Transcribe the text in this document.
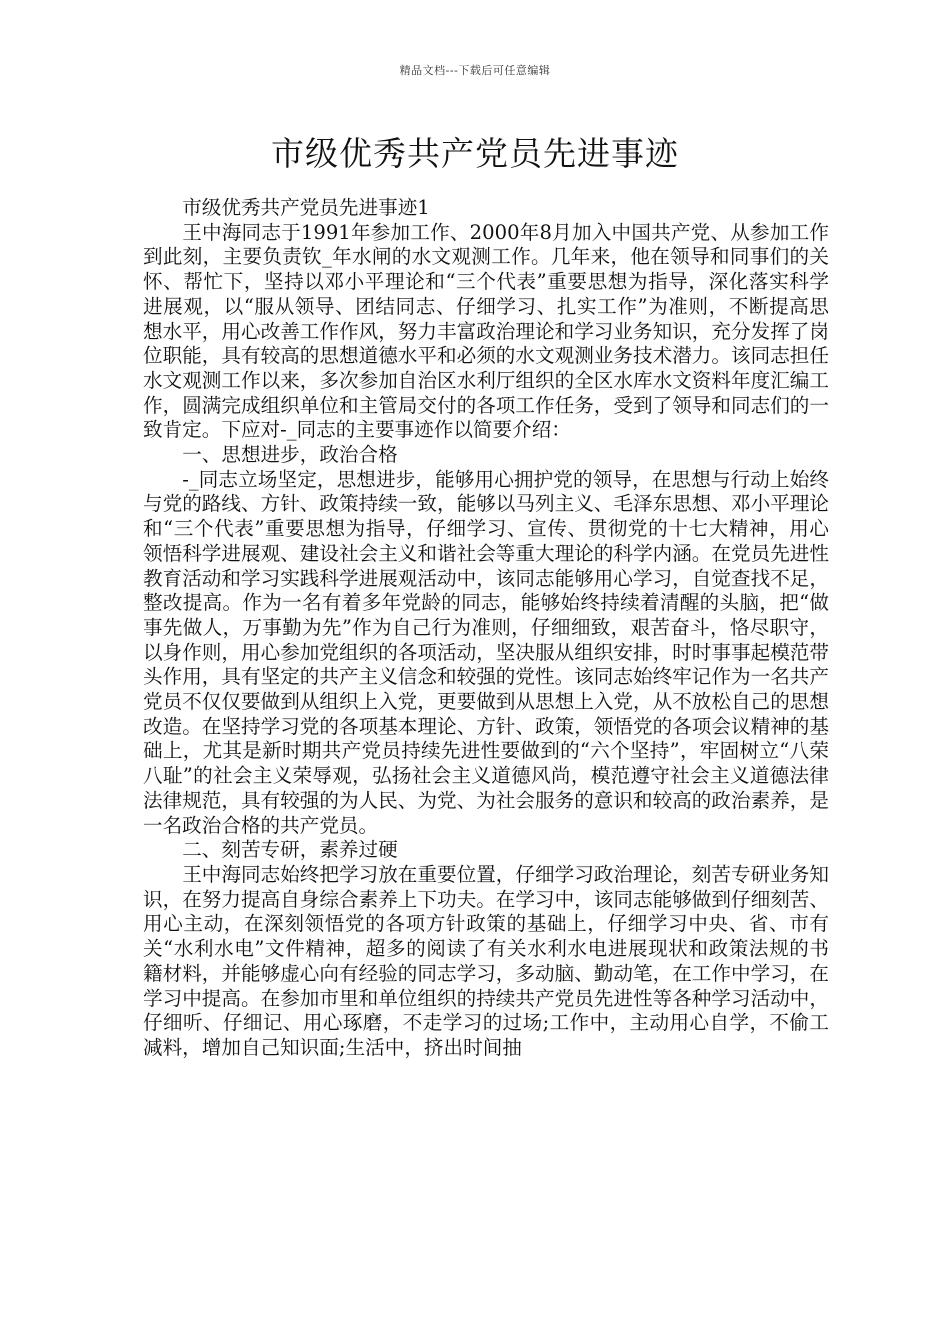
精品文档---下载后可任意编辑
市级优秀共产党员先进事迹

市级优秀共产党员先进事迹1

王中海同志于1991年参加工作、2000年8月加入中国共产党、从参加工作到此刻，主要负责钦_年水闸的水文观测工作。几年来，他在领导和同事们的关怀、帮忙下，坚持以邓小平理论和“三个代表”重要思想为指导，深化落实科学进展观，以“服从领导、团结同志、仔细学习、扎实工作”为准则，不断提高思想水平，用心改善工作作风，努力丰富政治理论和学习业务知识，充分发挥了岗位职能，具有较高的思想道德水平和必须的水文观测业务技术潜力。该同志担任水文观测工作以来，多次参加自治区水利厅组织的全区水库水文资料年度汇编工作，圆满完成组织单位和主管局交付的各项工作任务，受到了领导和同志们的一致肯定。下应对-_同志的主要事迹作以简要介绍：

一、思想进步，政治合格

-_同志立场坚定，思想进步，能够用心拥护党的领导，在思想与行动上始终与党的路线、方针、政策持续一致，能够以马列主义、毛泽东思想、邓小平理论和“三个代表”重要思想为指导，仔细学习、宣传、贯彻党的十七大精神，用心领悟科学进展观、建设社会主义和谐社会等重大理论的科学内涵。在党员先进性教育活动和学习实践科学进展观活动中，该同志能够用心学习，自觉查找不足，整改提高。作为一名有着多年党龄的同志，能够始终持续着清醒的头脑，把“做事先做人，万事勤为先”作为自己行为准则，仔细细致，艰苦奋斗，恪尽职守，以身作则，用心参加党组织的各项活动，坚决服从组织安排，时时事事起模范带头作用，具有坚定的共产主义信念和较强的党性。该同志始终牢记作为一名共产党员不仅仅要做到从组织上入党，更要做到从思想上入党，从不放松自己的思想改造。在坚持学习党的各项基本理论、方针、政策，领悟党的各项会议精神的基础上，尤其是新时期共产党员持续先进性要做到的“六个坚持”，牢固树立“八荣八耻”的社会主义荣辱观，弘扬社会主义道德风尚，模范遵守社会主义道德法律法律规范，具有较强的为人民、为党、为社会服务的意识和较高的政治素养，是一名政治合格的共产党员。

二、刻苦专研，素养过硬

王中海同志始终把学习放在重要位置，仔细学习政治理论，刻苦专研业务知识，在努力提高自身综合素养上下功夫。在学习中，该同志能够做到仔细刻苦、用心主动，在深刻领悟党的各项方针政策的基础上，仔细学习中央、省、市有关“水利水电”文件精神，超多的阅读了有关水利水电进展现状和政策法规的书籍材料，并能够虚心向有经验的同志学习，多动脑、勤动笔，在工作中学习，在学习中提高。在参加市里和单位组织的持续共产党员先进性等各种学习活动中，仔细听、仔细记、用心琢磨，不走学习的过场;工作中，主动用心自学，不偷工减料，增加自己知识面;生活中，挤出时间抽
